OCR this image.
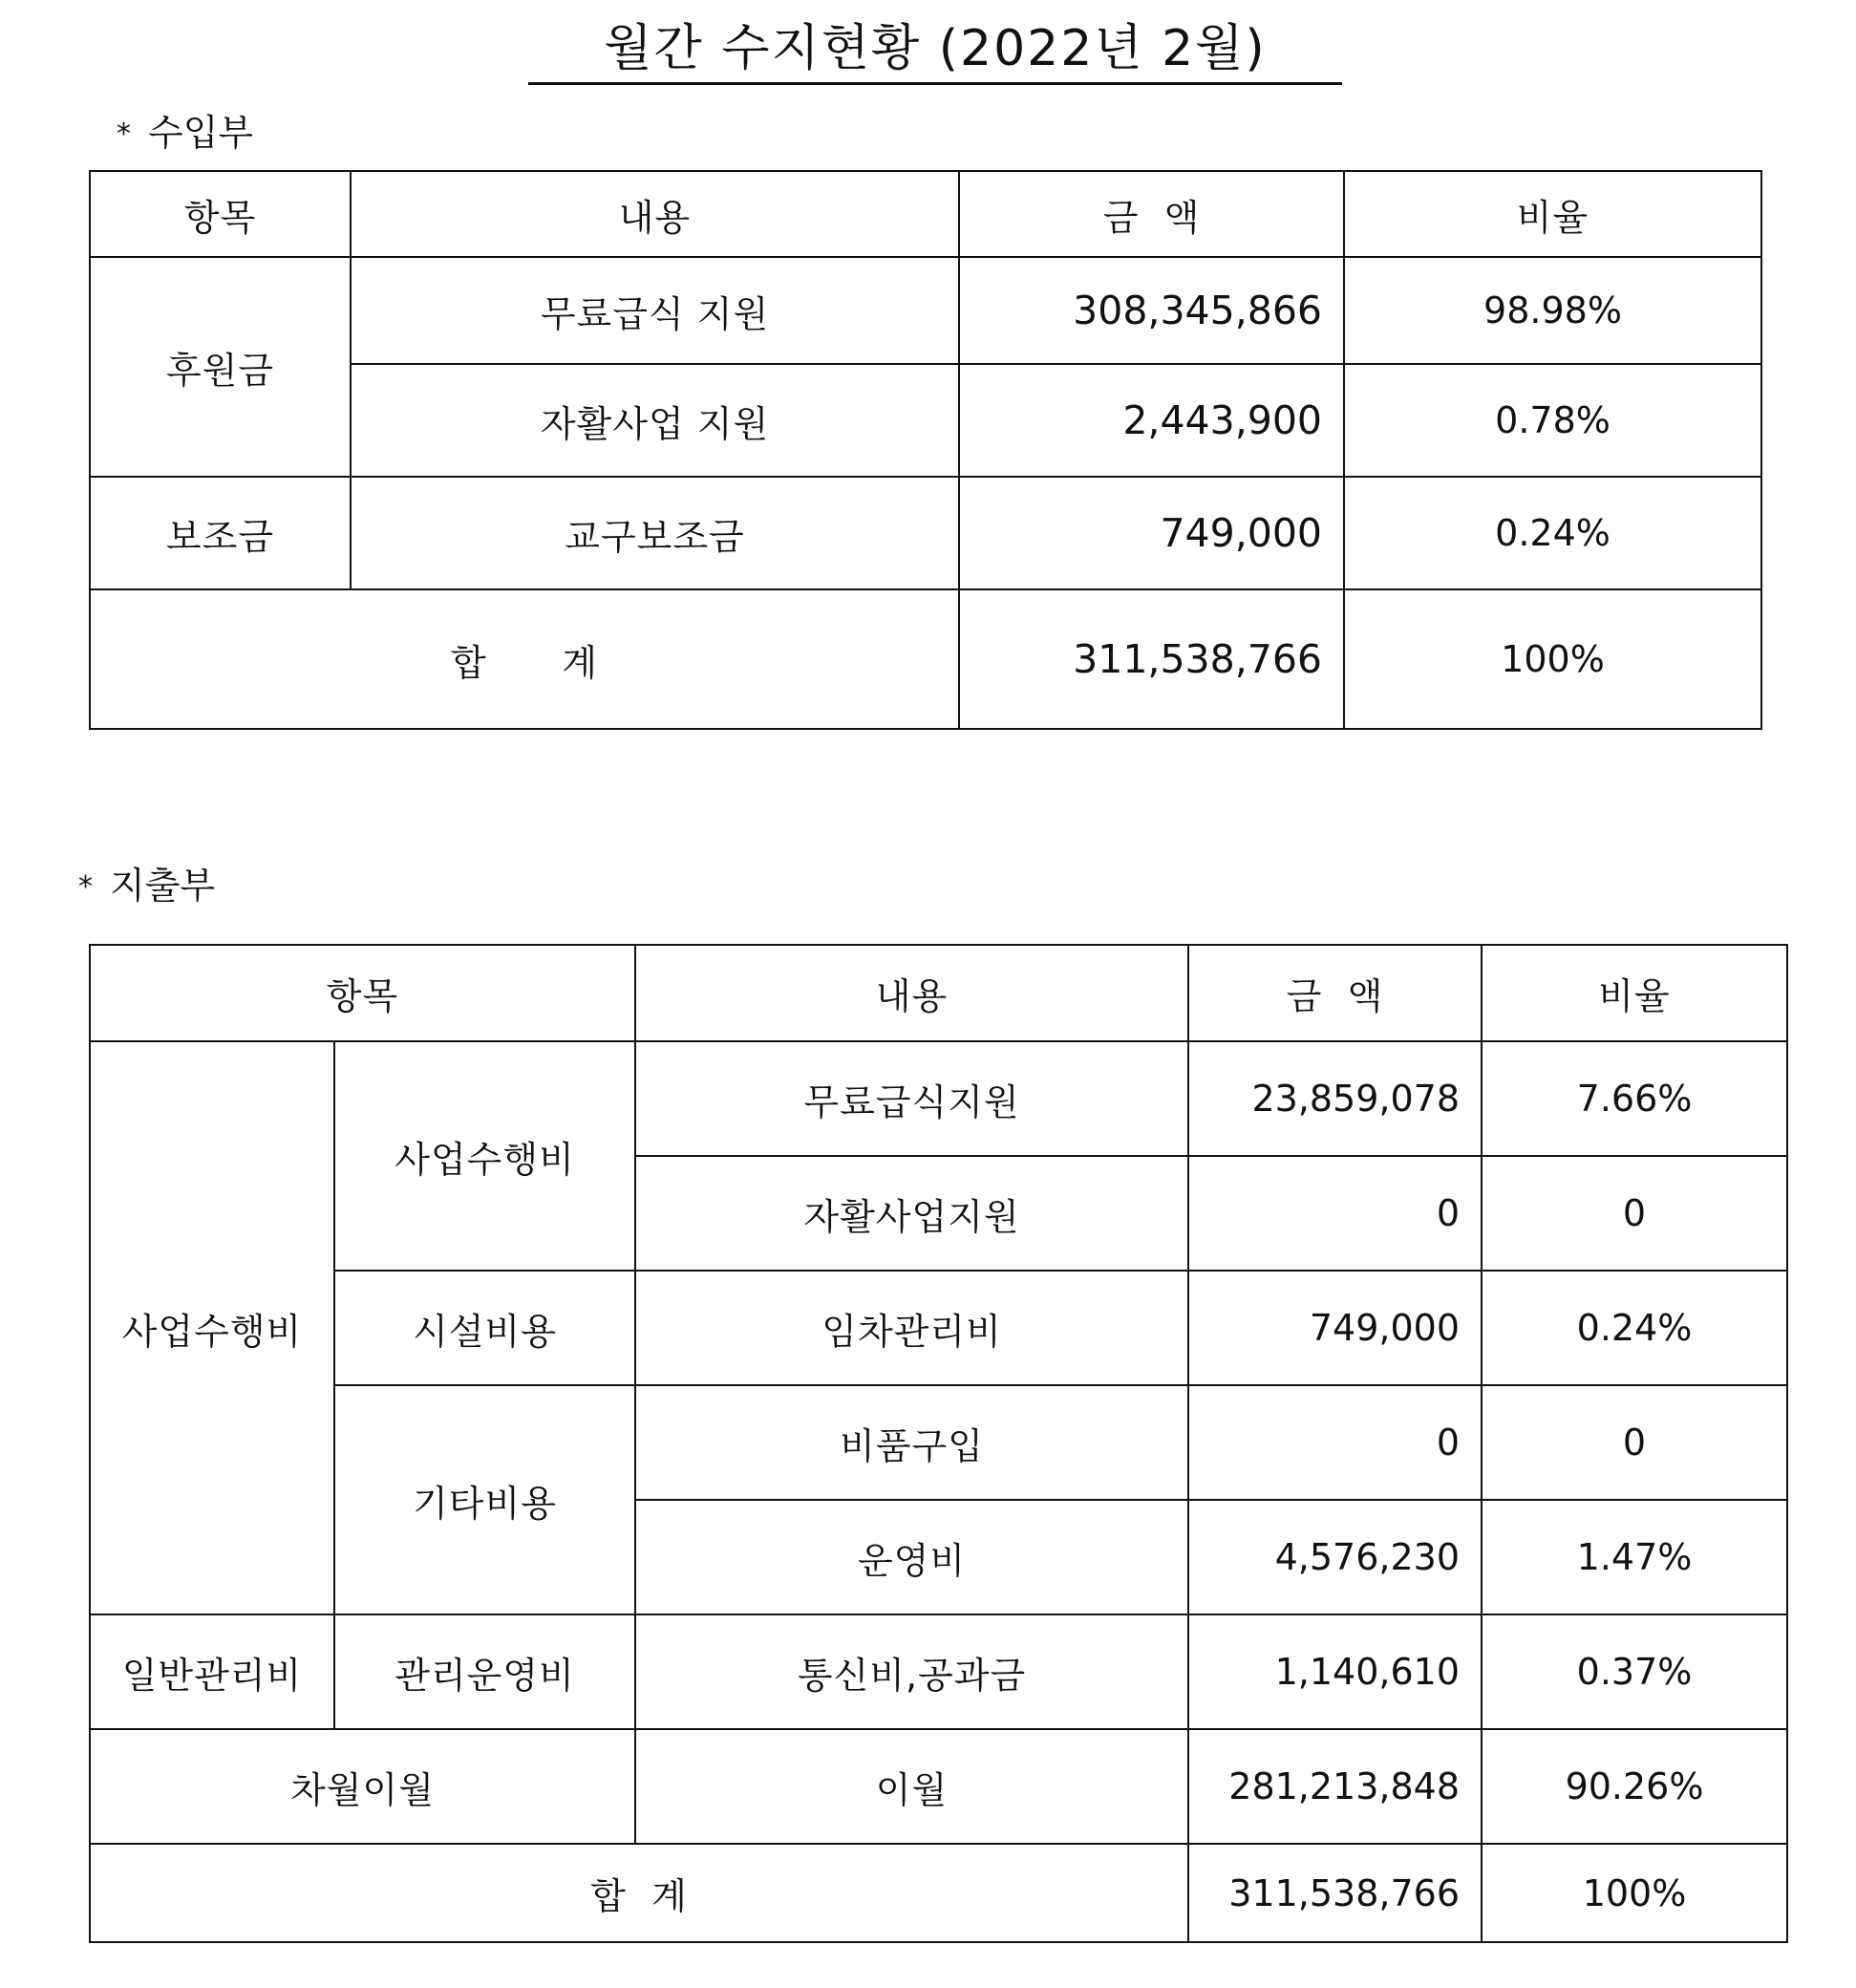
월간 수지현황 (2022년 2월)
* 수입부
항목	내용	금  액	비율
후원금	무료급식 지원	308,345,866	98.98%
	자활사업 지원	2,443,900	0.78%
보조금	교구보조금	749,000	0.24%
합      계		311,538,766	100%
* 지출부
항목		내용	금  액	비율
사업수행비	사업수행비	무료급식지원	23,859,078	7.66%
		자활사업지원	0	0
	시설비용	임차관리비	749,000	0.24%
	기타비용	비품구입	0	0
		운영비	4,576,230	1.47%
일반관리비	관리운영비	통신비,공과금	1,140,610	0.37%
차월이월		이월	281,213,848	90.26%
합  계			311,538,766	100%
